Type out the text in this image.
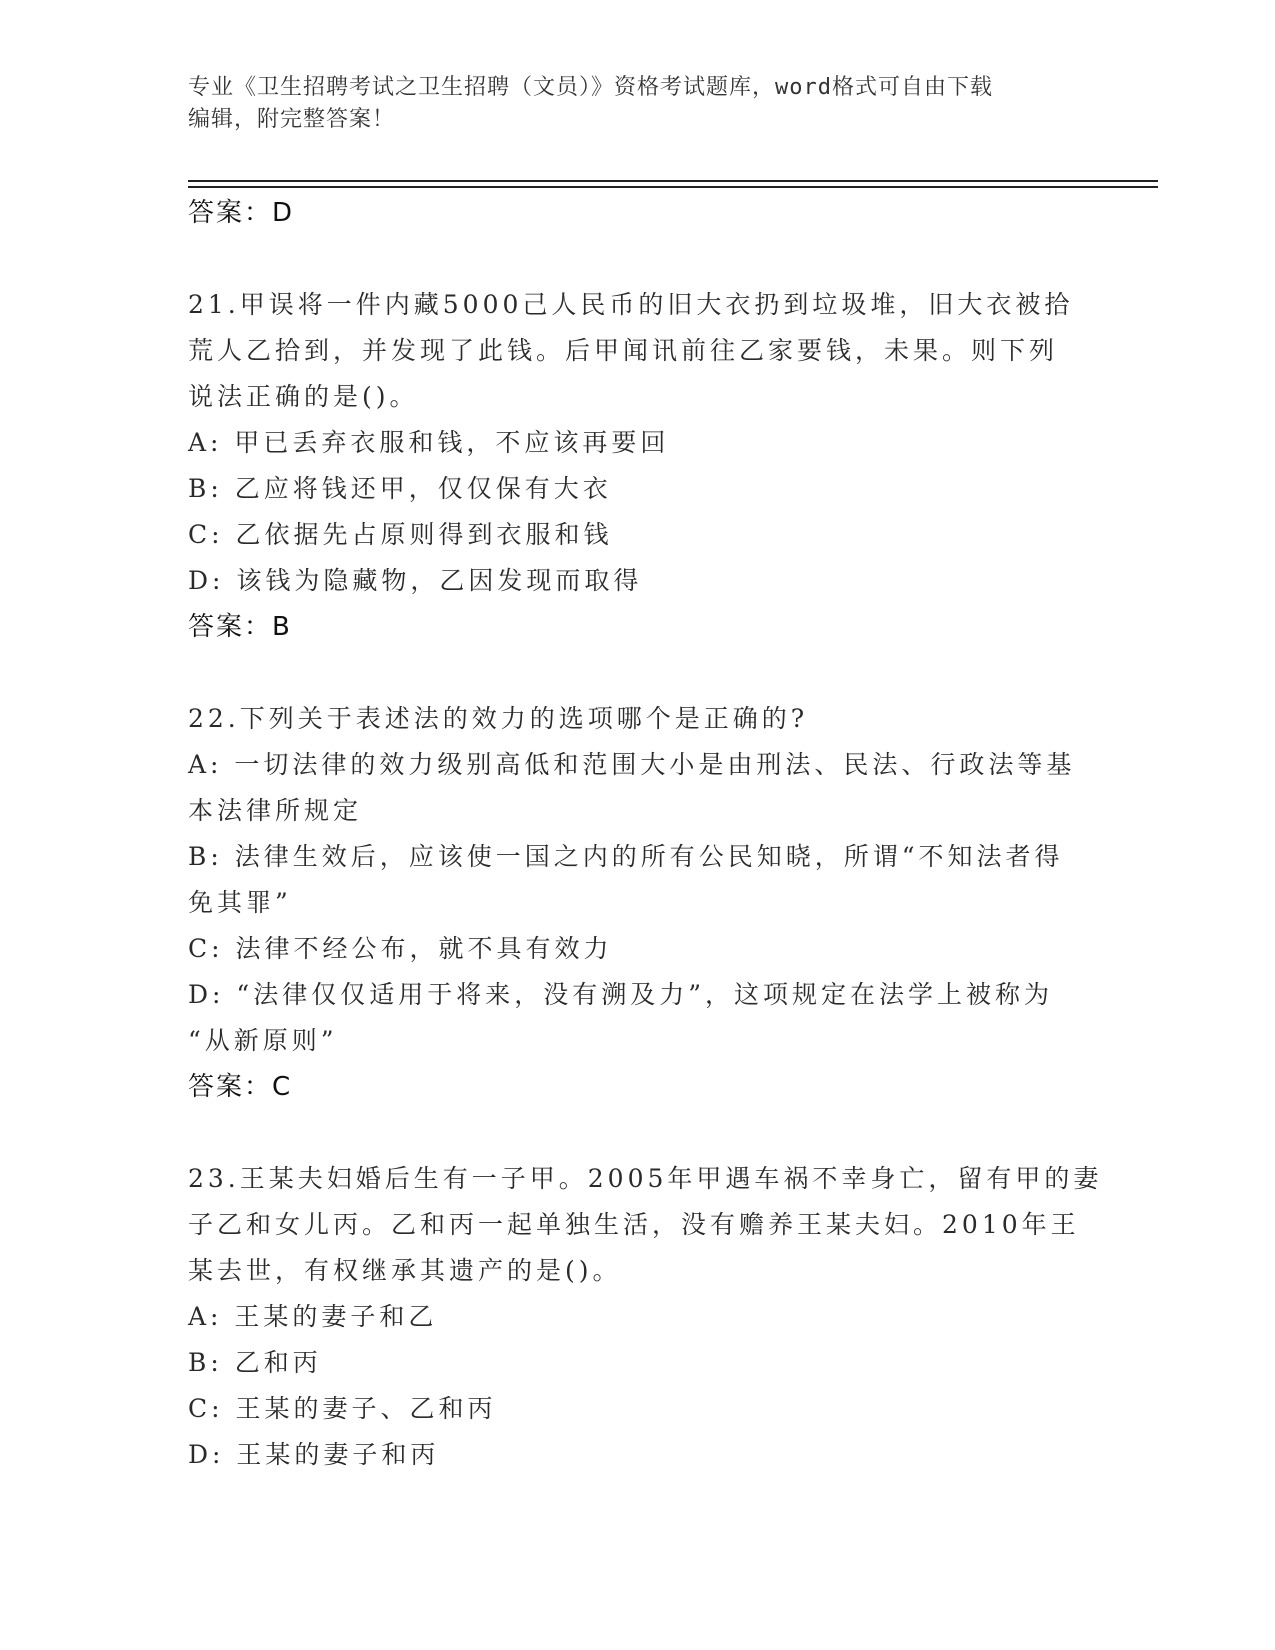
专业《卫生招聘考试之卫生招聘（文员）》资格考试题库，word格式可自由下载
编辑，附完整答案！
答案：D
21.甲误将一件内藏5000己人民币的旧大衣扔到垃圾堆，旧大衣被拾
荒人乙拾到，并发现了此钱。后甲闻讯前往乙家要钱，未果。则下列
说法正确的是()。
A: 甲已丢弃衣服和钱，不应该再要回
B: 乙应将钱还甲，仅仅保有大衣
C: 乙依据先占原则得到衣服和钱
D: 该钱为隐藏物，乙因发现而取得
答案：B
22.下列关于表述法的效力的选项哪个是正确的?
A: 一切法律的效力级别高低和范围大小是由刑法、民法、行政法等基
本法律所规定
B: 法律生效后，应该使一国之内的所有公民知晓，所谓“不知法者得
免其罪”
C: 法律不经公布，就不具有效力
D: “法律仅仅适用于将来，没有溯及力”，这项规定在法学上被称为
“从新原则”
答案：C
23.王某夫妇婚后生有一子甲。2005年甲遇车祸不幸身亡，留有甲的妻
子乙和女儿丙。乙和丙一起单独生活，没有赡养王某夫妇。2010年王
某去世，有权继承其遗产的是()。
A: 王某的妻子和乙
B: 乙和丙
C: 王某的妻子、乙和丙
D: 王某的妻子和丙
